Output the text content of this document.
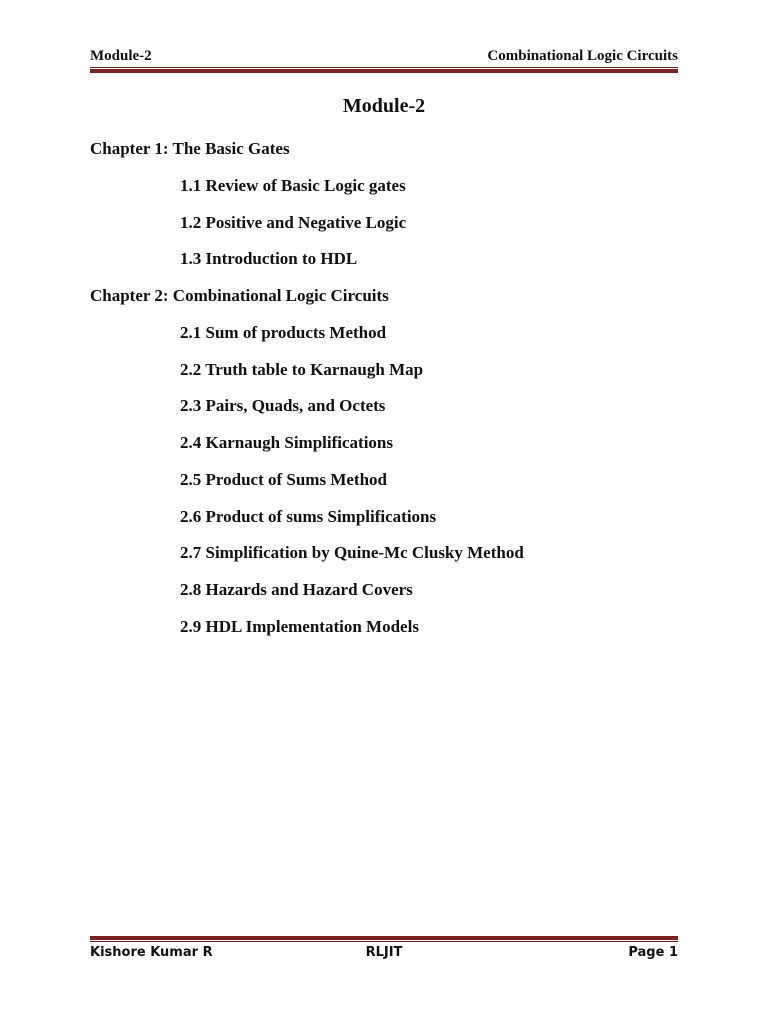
Module-2	Combinational Logic Circuits
Module-2
Chapter 1: The Basic Gates
1.1 Review of Basic Logic gates
1.2 Positive and Negative Logic
1.3 Introduction to HDL
Chapter 2: Combinational Logic Circuits
2.1 Sum of products Method
2.2 Truth table to Karnaugh Map
2.3 Pairs, Quads, and Octets
2.4 Karnaugh Simplifications
2.5 Product of Sums Method
2.6 Product of sums Simplifications
2.7 Simplification by Quine-Mc Clusky Method
2.8 Hazards and Hazard Covers
2.9 HDL Implementation Models
Kishore Kumar R	RLJIT	Page 1
